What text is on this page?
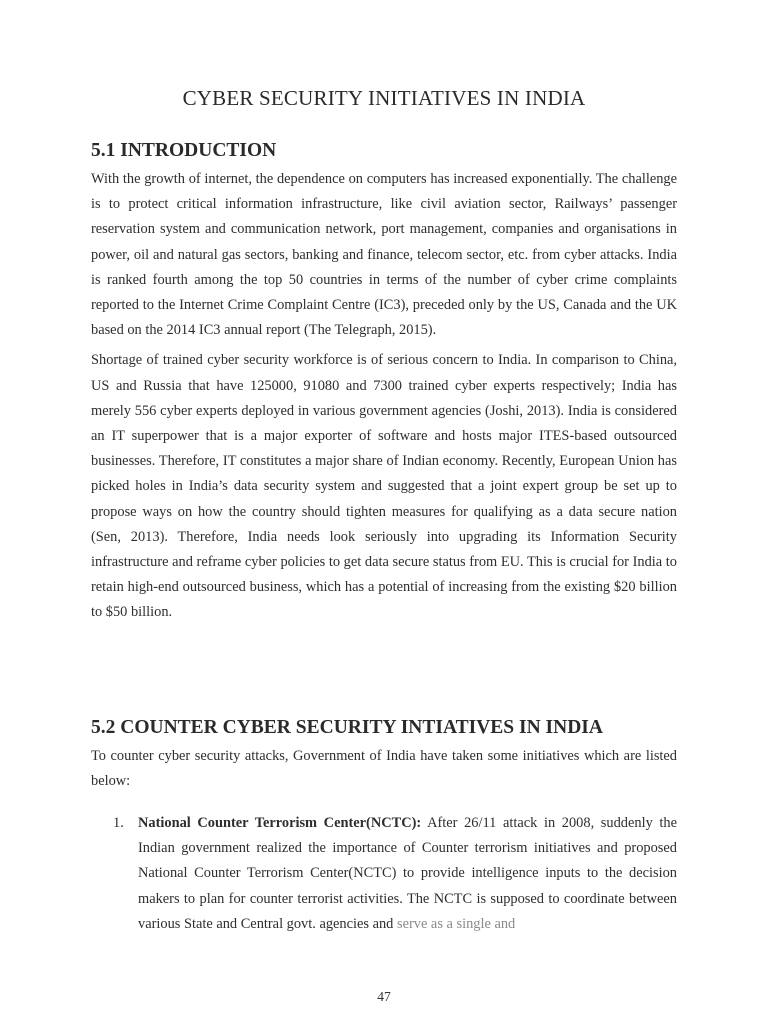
CYBER SECURITY INITIATIVES IN INDIA
5.1 INTRODUCTION

With the growth of internet, the dependence on computers has increased exponentially. The challenge is to protect critical information infrastructure, like civil aviation sector, Railways’ passenger reservation system and communication network, port management, companies and organisations in power, oil and natural gas sectors, banking and finance, telecom sector, etc. from cyber attacks. India is ranked fourth among the top 50 countries in terms of the number of cyber crime complaints reported to the Internet Crime Complaint Centre (IC3), preceded only by the US, Canada and the UK based on the 2014 IC3 annual report (The Telegraph, 2015).

Shortage of trained cyber security workforce is of serious concern to India. In comparison to China, US and Russia that have 125000, 91080 and 7300 trained cyber experts respectively; India has merely 556 cyber experts deployed in various government agencies (Joshi, 2013). India is considered an IT superpower that is a major exporter of software and hosts major ITES-based outsourced businesses. Therefore, IT constitutes a major share of Indian economy. Recently, European Union has picked holes in India’s data security system and suggested that a joint expert group be set up to propose ways on how the country should tighten measures for qualifying as a data secure nation (Sen, 2013). Therefore, India needs look seriously into upgrading its Information Security infrastructure and reframe cyber policies to get data secure status from EU. This is crucial for India to retain high-end outsourced business, which has a potential of increasing from the existing $20 billion to $50 billion.

5.2 COUNTER CYBER SECURITY INTIATIVES IN INDIA

To counter cyber security attacks, Government of India have taken some initiatives which are listed below:

1. National Counter Terrorism Center(NCTC): After 26/11 attack in 2008, suddenly the Indian government realized the importance of Counter terrorism initiatives and proposed National Counter Terrorism Center(NCTC) to provide intelligence inputs to the decision makers to plan for counter terrorist activities. The NCTC is supposed to coordinate between various State and Central govt. agencies and serve as a single and

47
